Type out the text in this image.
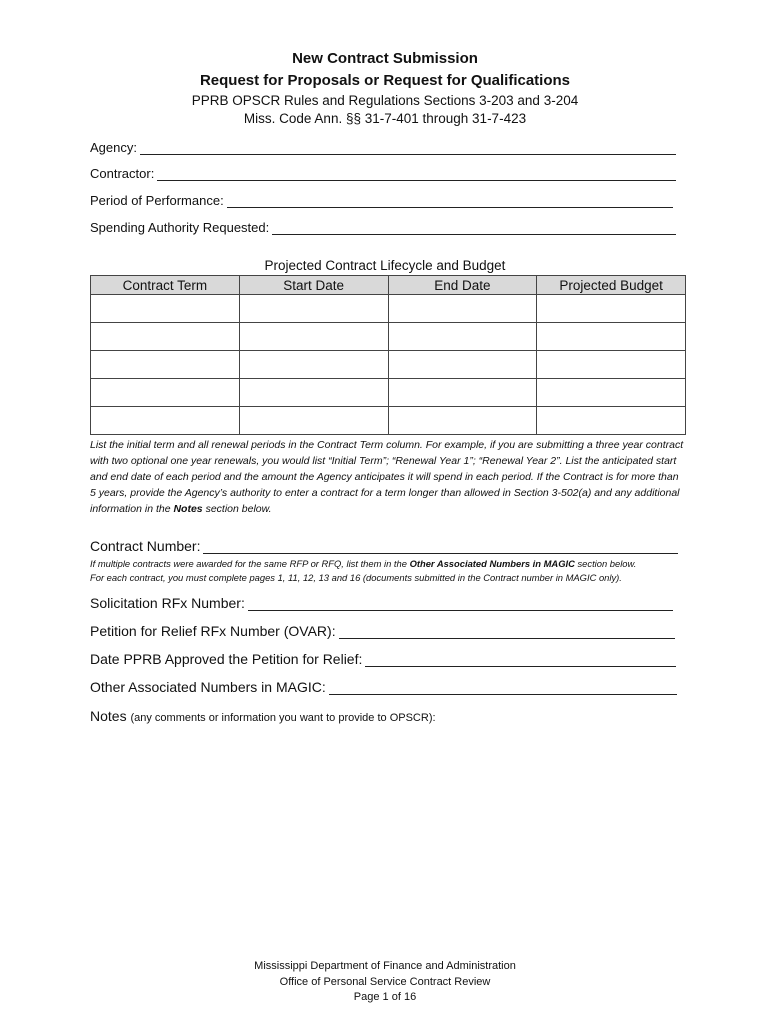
New Contract Submission
Request for Proposals or Request for Qualifications
PPRB OPSCR Rules and Regulations Sections 3-203 and 3-204
Miss. Code Ann. §§ 31-7-401 through 31-7-423
Agency:
Contractor:
Period of Performance:
Spending Authority Requested:
Projected Contract Lifecycle and Budget
Contract Term	Start Date	End Date	Projected Budget

List the initial term and all renewal periods in the Contract Term column. For example, if you are submitting a three year contract with two optional one year renewals, you would list “Initial Term”; “Renewal Year 1”; “Renewal Year 2”. List the anticipated start and end date of each period and the amount the Agency anticipates it will spend in each period. If the Contract is for more than 5 years, provide the Agency’s authority to enter a contract for a term longer than allowed in Section 3-502(a) and any additional information in the Notes section below.
Contract Number:
If multiple contracts were awarded for the same RFP or RFQ, list them in the Other Associated Numbers in MAGIC section below.
For each contract, you must complete pages 1, 11, 12, 13 and 16 (documents submitted in the Contract number in MAGIC only).
Solicitation RFx Number:
Petition for Relief RFx Number (OVAR):
Date PPRB Approved the Petition for Relief:
Other Associated Numbers in MAGIC:
Notes (any comments or information you want to provide to OPSCR):
Mississippi Department of Finance and Administration
Office of Personal Service Contract Review
Page 1 of 16
